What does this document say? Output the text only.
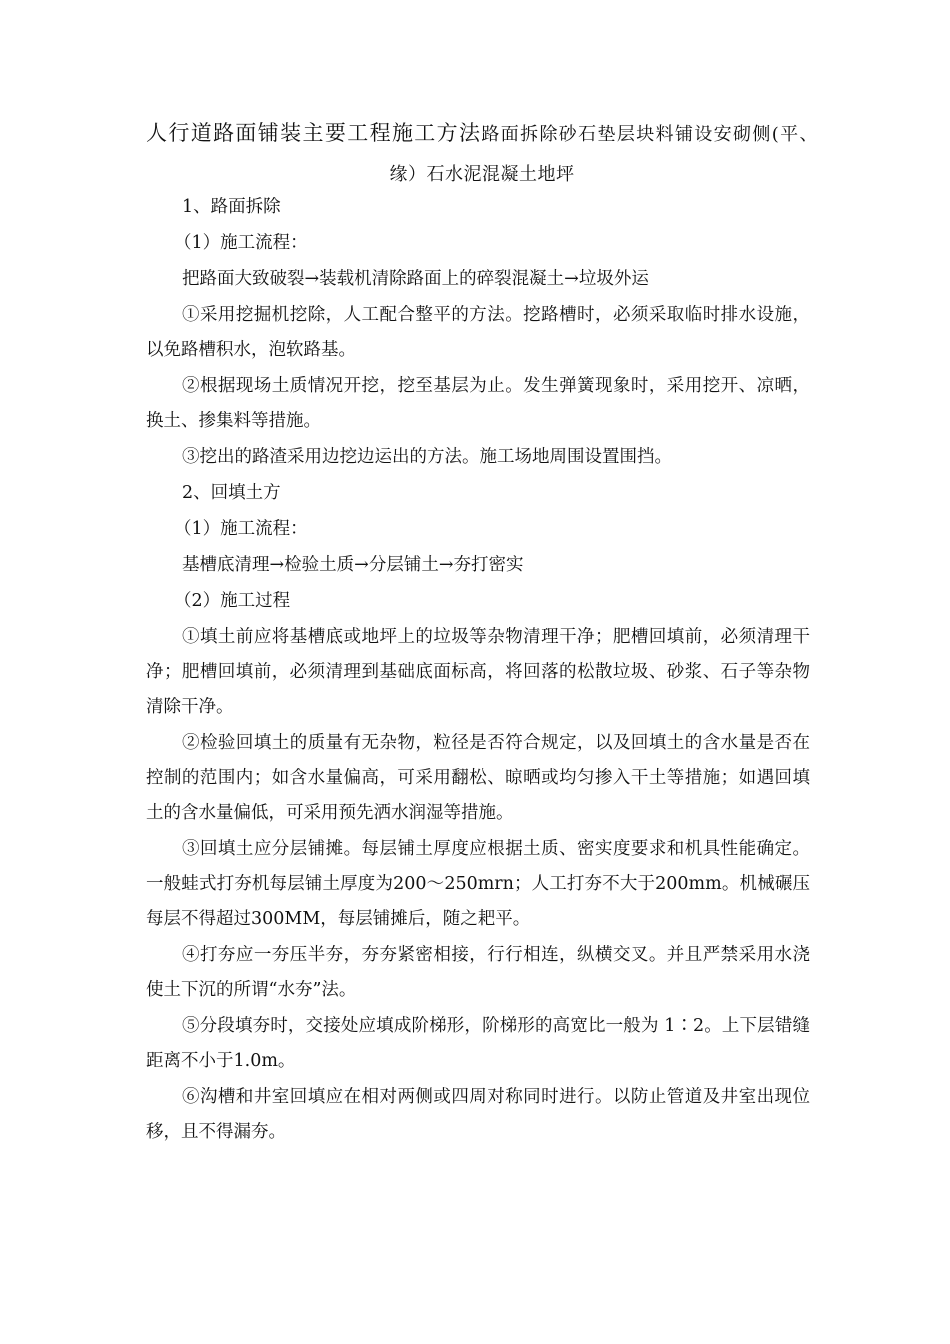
人行道路面铺装主要工程施工方法路面拆除砂石垫层块料铺设安砌侧(平、缘）石水泥混凝土地坪

1、路面拆除

（1）施工流程：

把路面大致破裂→装载机清除路面上的碎裂混凝土→垃圾外运

①采用挖掘机挖除，人工配合整平的方法。挖路槽时，必须采取临时排水设施，以免路槽积水，泡软路基。

②根据现场土质情况开挖，挖至基层为止。发生弹簧现象时，采用挖开、凉晒，换土、掺集料等措施。

③挖出的路渣采用边挖边运出的方法。施工场地周围设置围挡。

2、回填土方

（1）施工流程：

基槽底清理→检验土质→分层铺土→夯打密实

（2）施工过程

①填土前应将基槽底或地坪上的垃圾等杂物清理干净；肥槽回填前，必须清理干净；肥槽回填前，必须清理到基础底面标高，将回落的松散垃圾、砂浆、石子等杂物清除干净。

②检验回填土的质量有无杂物，粒径是否符合规定，以及回填土的含水量是否在控制的范围内；如含水量偏高，可采用翻松、晾晒或均匀掺入干土等措施；如遇回填土的含水量偏低，可采用预先洒水润湿等措施。

③回填土应分层铺摊。每层铺土厚度应根据土质、密实度要求和机具性能确定。一般蛙式打夯机每层铺土厚度为200～250mrn；人工打夯不大于200mm。机械碾压每层不得超过300MM，每层铺摊后，随之耙平。

④打夯应一夯压半夯，夯夯紧密相接，行行相连，纵横交叉。并且严禁采用水浇使土下沉的所谓“水夯”法。

⑤分段填夯时，交接处应填成阶梯形，阶梯形的高宽比一般为 1∶2。上下层错缝距离不小于1.0m。

⑥沟槽和井室回填应在相对两侧或四周对称同时进行。以防止管道及井室出现位移，且不得漏夯。
